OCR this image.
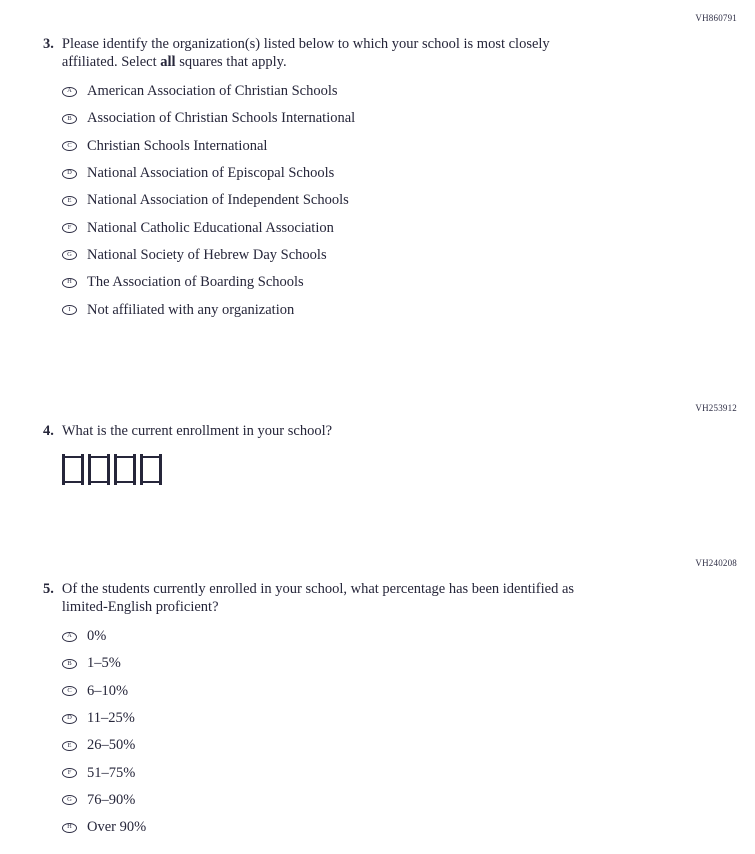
VH860791
3. Please identify the organization(s) listed below to which your school is most closely affiliated. Select all squares that apply.
A American Association of Christian Schools
B Association of Christian Schools International
C Christian Schools International
D National Association of Episcopal Schools
E National Association of Independent Schools
F National Catholic Educational Association
G National Society of Hebrew Day Schools
H The Association of Boarding Schools
I Not affiliated with any organization
VH253912
4. What is the current enrollment in your school?
VH240208
5. Of the students currently enrolled in your school, what percentage has been identified as limited-English proficient?
A 0%
B 1–5%
C 6–10%
D 11–25%
E 26–50%
F 51–75%
G 76–90%
H Over 90%
